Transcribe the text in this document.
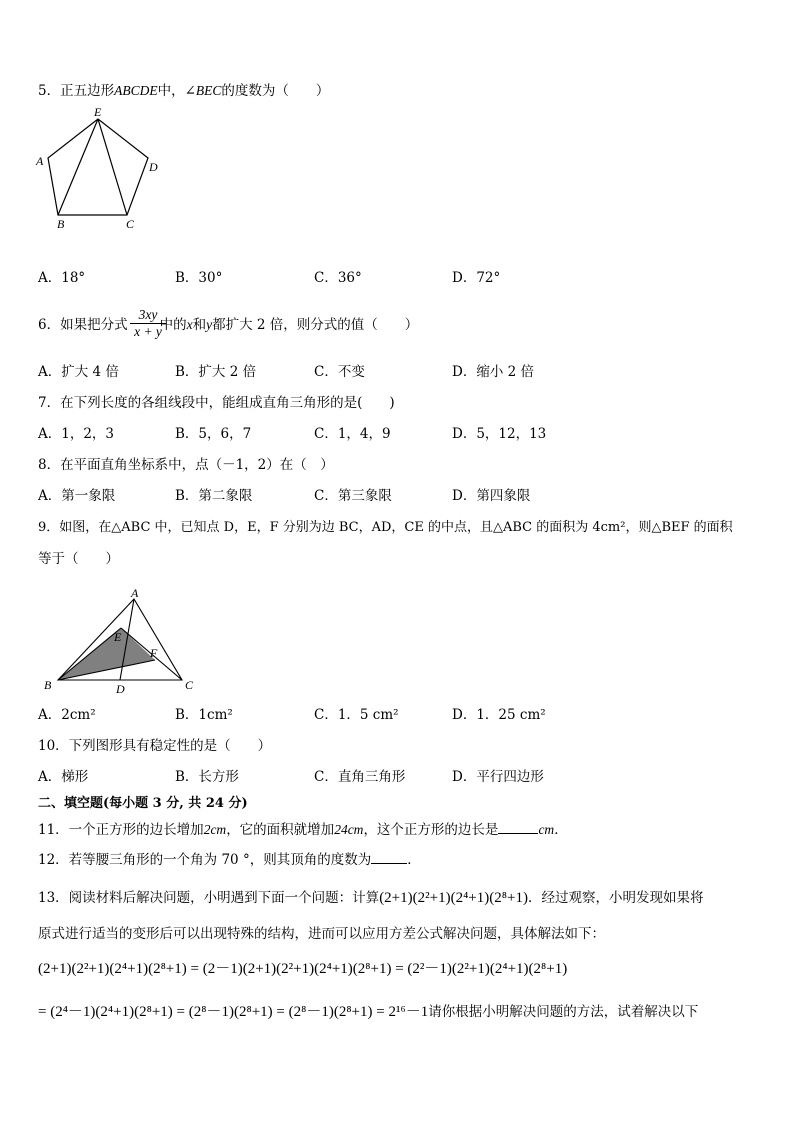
5．正五边形ABCDE中，∠BEC的度数为（　　）
E
A	D
B	C
A．18°	B．30°	C．36°	D．72°
6．如果把分式 中的x和y都扩大 2 倍，则分式的值（　　）
$\frac{3xy}{x + y}$
A．扩大 4 倍	B．扩大 2 倍	C．不变	D．缩小 2 倍
7．在下列长度的各组线段中，能组成直角三角形的是(　　)
A．1，2，3	B．5，6，7	C．1，4，9	D．5，12，13
8．在平面直角坐标系中，点（－1，2）在（　）
A．第一象限	B．第二象限	C．第三象限	D．第四象限
9．如图，在△ABC 中，已知点 D，E，F 分别为边 BC，AD，CE 的中点，且△ABC 的面积为 4cm²，则△BEF 的面积
等于（　　）
A
E
F
B	D	C
A．2cm²	B．1cm²	C．1．5 cm²	D．1．25 cm²
10．下列图形具有稳定性的是（　　）
A．梯形	B．长方形	C．直角三角形	D．平行四边形
二、填空题(每小题 3 分, 共 24 分)
11．一个正方形的边长增加2cm，它的面积就增加24cm，这个正方形的边长是	cm．
12．若等腰三角形的一个角为 70 °，则其顶角的度数为	．
13．阅读材料后解决问题，小明遇到下面一个问题：计算(2+1)(2²+1)(2⁴+1)(2⁸+1)．经过观察，小明发现如果将
原式进行适当的变形后可以出现特殊的结构，进而可以应用方差公式解决问题，具体解法如下：
(2+1)(2²+1)(2⁴+1)(2⁸+1) = (2－1)(2+1)(2²+1)(2⁴+1)(2⁸+1) = (2²－1)(2²+1)(2⁴+1)(2⁸+1)
= (2⁴－1)(2⁴+1)(2⁸+1) = (2⁸－1)(2⁸+1) = (2⁸－1)(2⁸+1) = 2¹⁶－1请你根据小明解决问题的方法，试着解决以下
